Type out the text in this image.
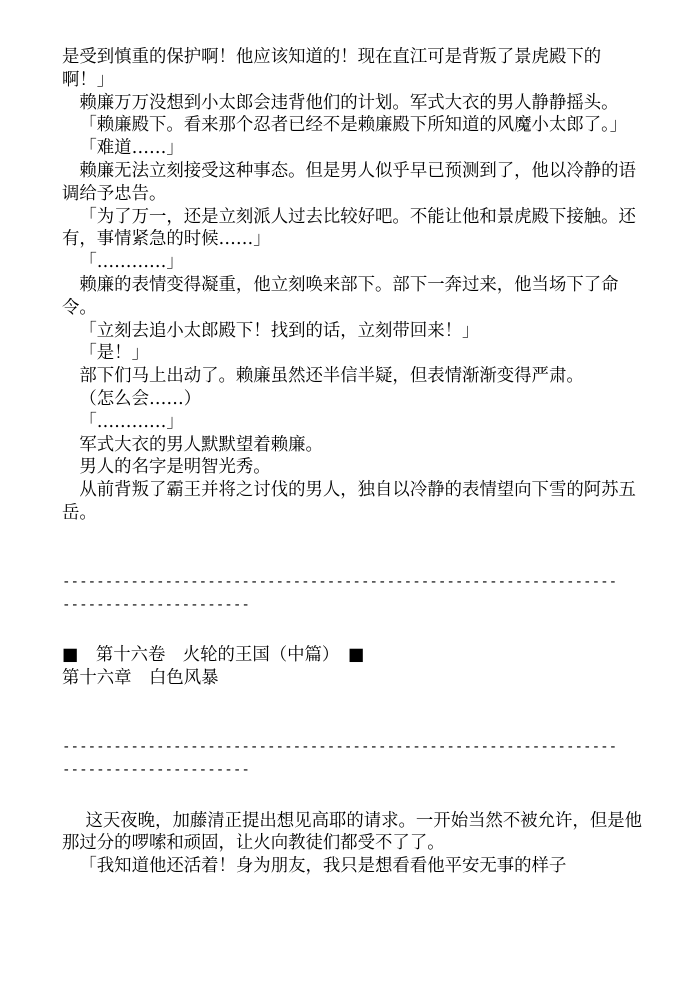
是受到慎重的保护啊！他应该知道的！现在直江可是背叛了景虎殿下的啊！」

赖廉万万没想到小太郎会违背他们的计划。军式大衣的男人静静摇头。

「赖廉殿下。看来那个忍者已经不是赖廉殿下所知道的风魔小太郎了。」

「难道……」

赖廉无法立刻接受这种事态。但是男人似乎早已预测到了，他以冷静的语调给予忠告。

「为了万一，还是立刻派人过去比较好吧。不能让他和景虎殿下接触。还有，事情紧急的时候……」

「…………」

赖廉的表情变得凝重，他立刻唤来部下。部下一奔过来，他当场下了命令。

「立刻去追小太郎殿下！找到的话，立刻带回来！」

「是！」

部下们马上出动了。赖廉虽然还半信半疑，但表情渐渐变得严肃。

（怎么会……）

「…………」

军式大衣的男人默默望着赖廉。

男人的名字是明智光秀。

从前背叛了霸王并将之讨伐的男人，独自以冷静的表情望向下雪的阿苏五岳。

-----------------------------------------------------------------

----------------------

■　第十六卷　火轮的王国（中篇）　■

第十六章　白色风暴

-----------------------------------------------------------------

----------------------

这天夜晚，加藤清正提出想见高耶的请求。一开始当然不被允许，但是他那过分的啰嗦和顽固，让火向教徒们都受不了了。

「我知道他还活着！身为朋友，我只是想看看他平安无事的样子
